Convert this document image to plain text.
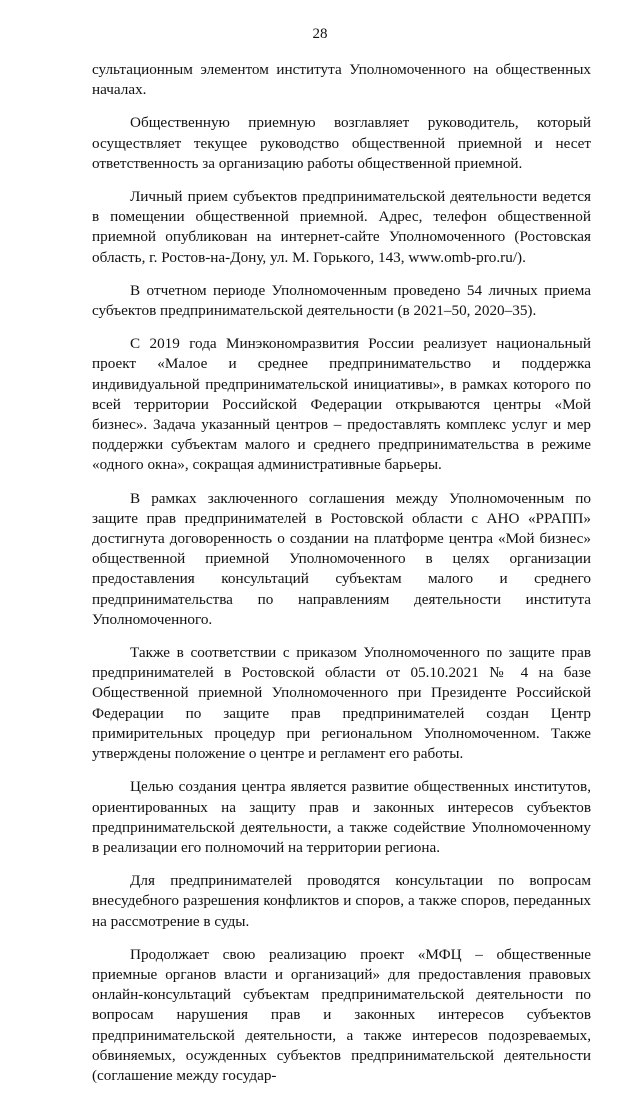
28

сультационным элементом института Уполномоченного на общественных началах.

Общественную приемную возглавляет руководитель, который осуществляет текущее руководство общественной приемной и несет ответственность за организацию работы общественной приемной.

Личный прием субъектов предпринимательской деятельности ведется в помещении общественной приемной. Адрес, телефон общественной приемной опубликован на интернет-сайте Уполномоченного (Ростовская область, г. Ростов-на-Дону, ул. М. Горького, 143, www.omb-pro.ru/).

В отчетном периоде Уполномоченным проведено 54 личных приема субъектов предпринимательской деятельности (в 2021–50, 2020–35).

С 2019 года Минэкономразвития России реализует национальный проект «Малое и среднее предпринимательство и поддержка индивидуальной предпринимательской инициативы», в рамках которого по всей территории Российской Федерации открываются центры «Мой бизнес». Задача указанный центров – предоставлять комплекс услуг и мер поддержки субъектам малого и среднего предпринимательства в режиме «одного окна», сокращая административные барьеры.

В рамках заключенного соглашения между Уполномоченным по защите прав предпринимателей в Ростовской области с АНО «РРАПП» достигнута договоренность о создании на платформе центра «Мой бизнес» общественной приемной Уполномоченного в целях организации предоставления консультаций субъектам малого и среднего предпринимательства по направлениям деятельности института Уполномоченного.

Также в соответствии с приказом Уполномоченного по защите прав предпринимателей в Ростовской области от 05.10.2021 № 4 на базе Общественной приемной Уполномоченного при Президенте Российской Федерации по защите прав предпринимателей создан Центр примирительных процедур при региональном Уполномоченном. Также утверждены положение о центре и регламент его работы.

Целью создания центра является развитие общественных институтов, ориентированных на защиту прав и законных интересов субъектов предпринимательской деятельности, а также содействие Уполномоченному в реализации его полномочий на территории региона.

Для предпринимателей проводятся консультации по вопросам внесудебного разрешения конфликтов и споров, а также споров, переданных на рассмотрение в суды.

Продолжает свою реализацию проект «МФЦ – общественные приемные органов власти и организаций» для предоставления правовых онлайн-консультаций субъектам предпринимательской деятельности по вопросам нарушения прав и законных интересов субъектов предпринимательской деятельности, а также интересов подозреваемых, обвиняемых, осужденных субъектов предпринимательской деятельности (соглашение между государ-
